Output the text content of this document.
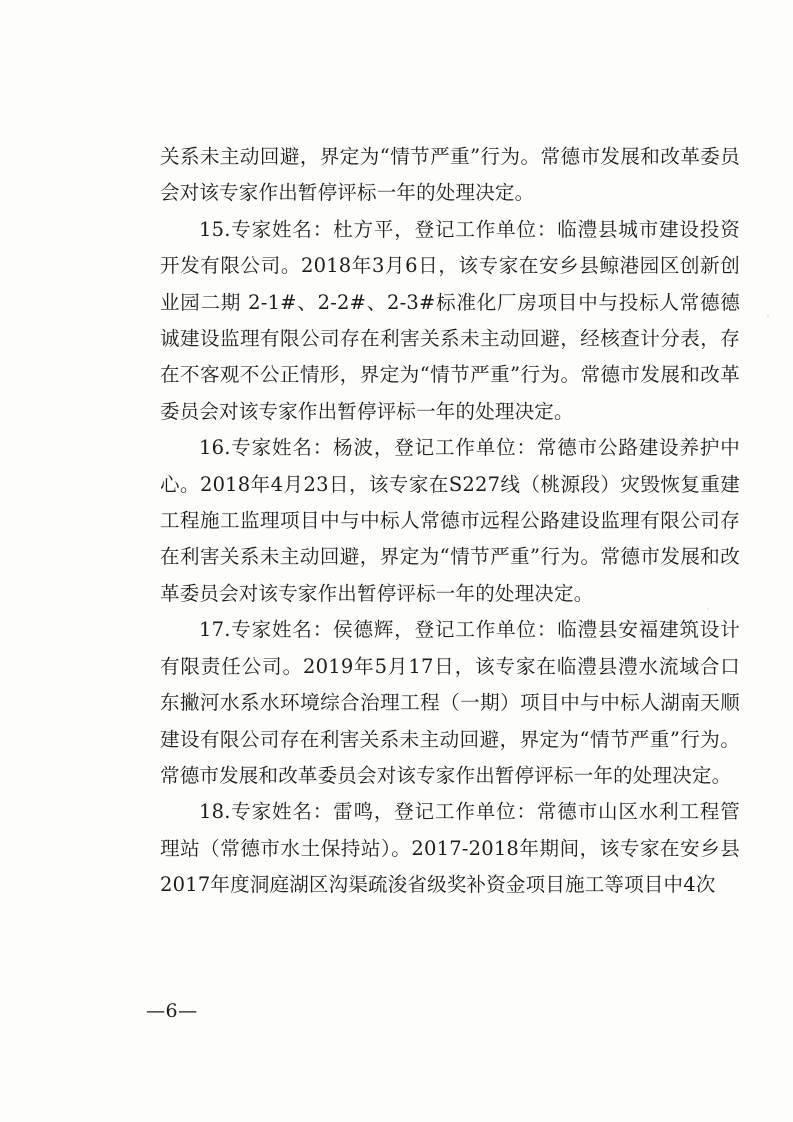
关系未主动回避，界定为“情节严重”行为。常德市发展和改革委员会对该专家作出暂停评标一年的处理决定。

15.专家姓名：杜方平，登记工作单位：临澧县城市建设投资开发有限公司。2018年3月6日，该专家在安乡县鲸港园区创新创业园二期 2-1#、2-2#、2-3#标准化厂房项目中与投标人常德德诚建设监理有限公司存在利害关系未主动回避，经核查计分表，存在不客观不公正情形，界定为“情节严重”行为。常德市发展和改革委员会对该专家作出暂停评标一年的处理决定。

16.专家姓名：杨波，登记工作单位：常德市公路建设养护中心。2018年4月23日，该专家在S227线（桃源段）灾毁恢复重建工程施工监理项目中与中标人常德市远程公路建设监理有限公司存在利害关系未主动回避，界定为“情节严重”行为。常德市发展和改革委员会对该专家作出暂停评标一年的处理决定。

17.专家姓名：侯德辉，登记工作单位：临澧县安福建筑设计有限责任公司。2019年5月17日，该专家在临澧县澧水流域合口东撇河水系水环境综合治理工程（一期）项目中与中标人湖南天顺建设有限公司存在利害关系未主动回避，界定为“情节严重”行为。常德市发展和改革委员会对该专家作出暂停评标一年的处理决定。

18.专家姓名：雷鸣，登记工作单位：常德市山区水利工程管理站（常德市水土保持站）。2017-2018年期间，该专家在安乡县2017年度洞庭湖区沟渠疏浚省级奖补资金项目施工等项目中4次

—6—
